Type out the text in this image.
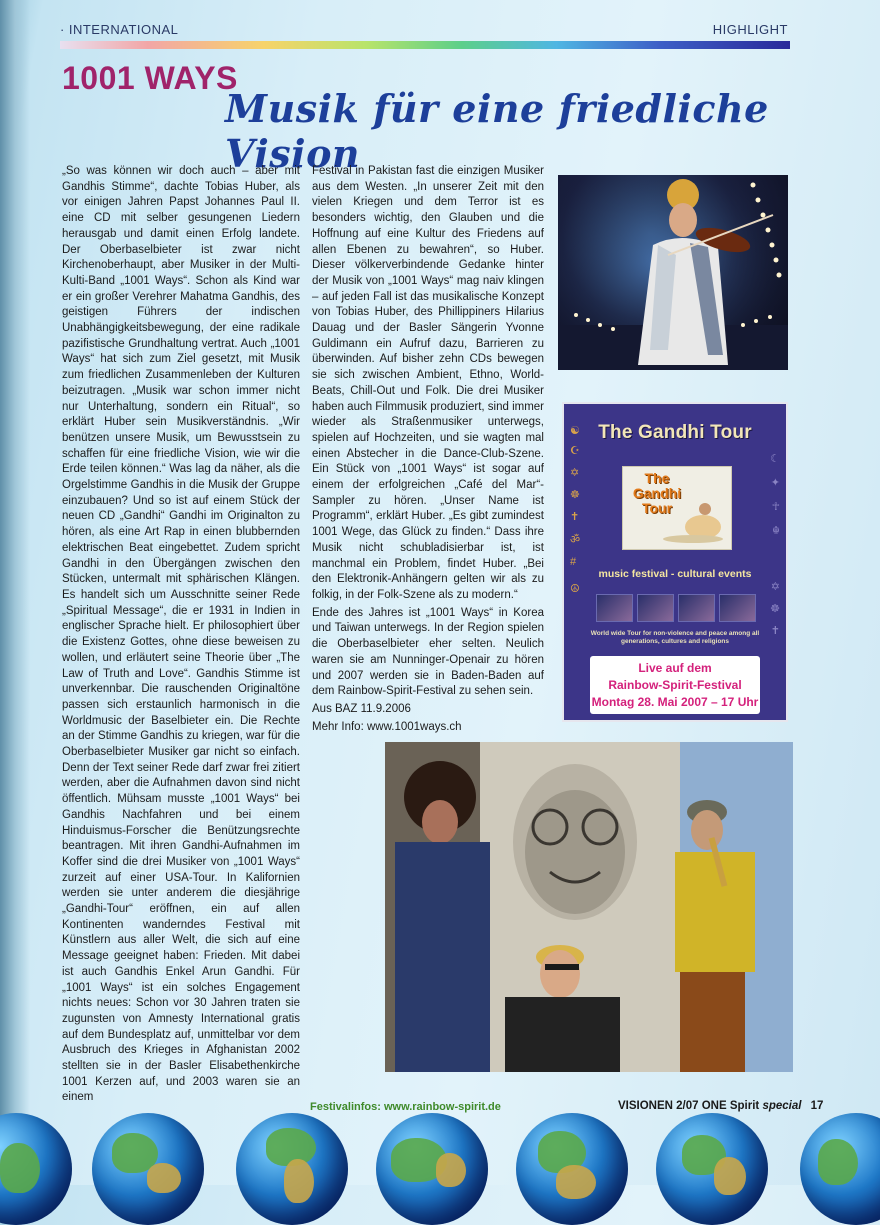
· INTERNATIONAL	HIGHLIGHT
1001 WAYS
Musik für eine friedliche Vision

„So was können wir doch auch – aber mit Gandhis Stimme“, dachte Tobias Huber, als vor einigen Jahren Papst Johannes Paul II. eine CD mit selber gesungenen Liedern herausgab und damit einen Erfolg landete. Der Oberbaselbieter ist zwar nicht Kirchenoberhaupt, aber Musiker in der Multi-Kulti-Band „1001 Ways“. Schon als Kind war er ein großer Verehrer Mahatma Gandhis, des geistigen Führers der indischen Unabhängigkeitsbewegung, der eine radikale pazifistische Grundhaltung vertrat. Auch „1001 Ways“ hat sich zum Ziel gesetzt, mit Musik zum friedlichen Zusammenleben der Kulturen beizutragen. „Musik war schon immer nicht nur Unterhaltung, sondern ein Ritual“, so erklärt Huber sein Musikverständnis. „Wir benützen unsere Musik, um Bewusstsein zu schaffen für eine friedliche Vision, wie wir die Erde teilen können.“ Was lag da näher, als die Orgelstimme Gandhis in die Musik der Gruppe einzubauen? Und so ist auf einem Stück der neuen CD „Gandhi“ Gandhi im Originalton zu hören, als eine Art Rap in einen blubbernden elektrischen Beat eingebettet. Zudem spricht Gandhi in den Übergängen zwischen den Stücken, untermalt mit sphärischen Klängen. Es handelt sich um Ausschnitte seiner Rede „Spiritual Message“, die er 1931 in Indien in englischer Sprache hielt. Er philosophiert über die Existenz Gottes, ohne diese beweisen zu wollen, und erläutert seine Theorie über „The Law of Truth and Love“. Gandhis Stimme ist unverkennbar. Die rauschenden Originaltöne passen sich erstaunlich harmonisch in die Worldmusic der Baselbieter ein. Die Rechte an der Stimme Gandhis zu kriegen, war für die Oberbaselbieter Musiker gar nicht so einfach. Denn der Text seiner Rede darf zwar frei zitiert werden, aber die Aufnahmen davon sind nicht öffentlich. Mühsam musste „1001 Ways“ bei Gandhis Nachfahren und bei einem Hinduismus-Forscher die Benützungsrechte beantragen. Mit ihren Gandhi-Aufnahmen im Koffer sind die drei Musiker von „1001 Ways“ zurzeit auf einer USA-Tour. In Kalifornien werden sie unter anderem die diesjährige „Gandhi-Tour“ eröffnen, ein auf allen Kontinenten wanderndes Festival mit Künstlern aus aller Welt, die sich auf eine Message geeignet haben: Frieden. Mit dabei ist auch Gandhis Enkel Arun Gandhi. Für „1001 Ways“ ist ein solches Engagement nichts neues: Schon vor 30 Jahren traten sie zugunsten von Amnesty International gratis auf dem Bundesplatz auf, unmittelbar vor dem Ausbruch des Krieges in Afghanistan 2002 stellten sie in der Basler Elisabethenkirche 1001 Kerzen auf, und 2003 waren sie an einem

Festival in Pakistan fast die einzigen Musiker aus dem Westen. „In unserer Zeit mit den vielen Kriegen und dem Terror ist es besonders wichtig, den Glauben und die Hoffnung auf eine Kultur des Friedens auf allen Ebenen zu bewahren“, so Huber. Dieser völkerverbindende Gedanke hinter der Musik von „1001 Ways“ mag naiv klingen – auf jeden Fall ist das musikalische Konzept von Tobias Huber, des Phillippiners Hilarius Dauag und der Basler Sängerin Yvonne Guldimann ein Aufruf dazu, Barrieren zu überwinden. Auf bisher zehn CDs bewegen sie sich zwischen Ambient, Ethno, World-Beats, Chill-Out und Folk. Die drei Musiker haben auch Filmmusik produziert, sind immer wieder als Straßenmusiker unterwegs, spielen auf Hochzeiten, und sie wagten mal einen Abstecher in die Dance-Club-Szene. Ein Stück von „1001 Ways“ ist sogar auf einem der erfolgreichen „Café del Mar“-Sampler zu hören. „Unser Name ist Programm“, erklärt Huber. „Es gibt zumindest 1001 Wege, das Glück zu finden.“ Dass ihre Musik nicht schubladisierbar ist, ist manchmal ein Problem, findet Huber. „Bei den Elektronik-Anhängern gelten wir als zu folkig, in der Folk-Szene als zu modern.“

Ende des Jahres ist „1001 Ways“ in Korea und Taiwan unterwegs. In der Region spielen die Oberbaselbieter eher selten. Neulich waren sie am Nunninger-Openair zu hören und 2007 werden sie in Baden-Baden auf dem Rainbow-Spirit-Festival zu sehen sein.

Aus BAZ 11.9.2006

Mehr Info: www.1001ways.ch

The Gandhi Tour
☯
☪
✡
☸
✝
ॐ
#
☮
☾
✦
☥
☬
✡
☸
✝
The Gandhi Tour
music festival - cultural events
World wide Tour for non-violence and peace among all generations, cultures and religions
Live auf dem
Rainbow-Spirit-Festival
Montag 28. Mai 2007 – 17 Uhr
Festivalinfos: www.rainbow-spirit.de	VISIONEN 2/07 ONE Spirit special 17
